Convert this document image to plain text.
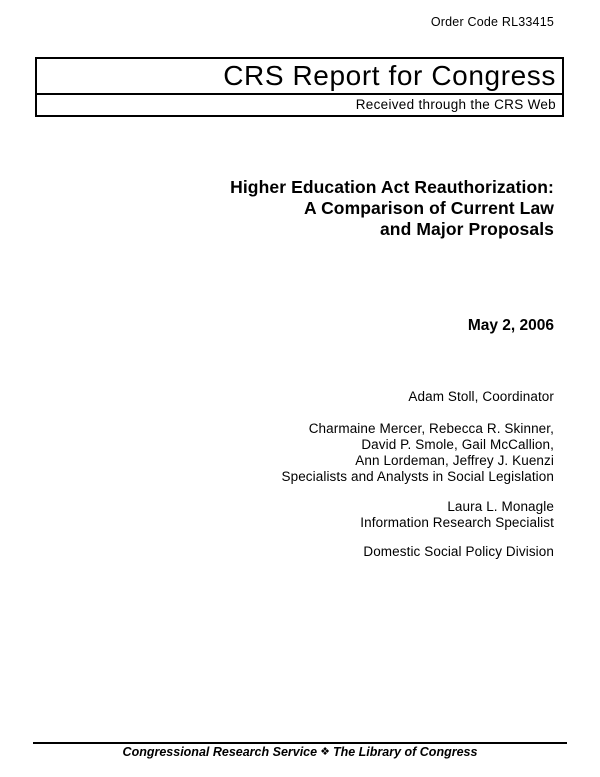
Order Code RL33415
CRS Report for Congress
Received through the CRS Web
Higher Education Act Reauthorization:
A Comparison of Current Law
and Major Proposals
May 2, 2006
Adam Stoll, Coordinator
Charmaine Mercer, Rebecca R. Skinner,
David P. Smole, Gail McCallion,
Ann Lordeman, Jeffrey J. Kuenzi
Specialists and Analysts in Social Legislation
Laura L. Monagle
Information Research Specialist
Domestic Social Policy Division
Congressional Research Service ❖ The Library of Congress
